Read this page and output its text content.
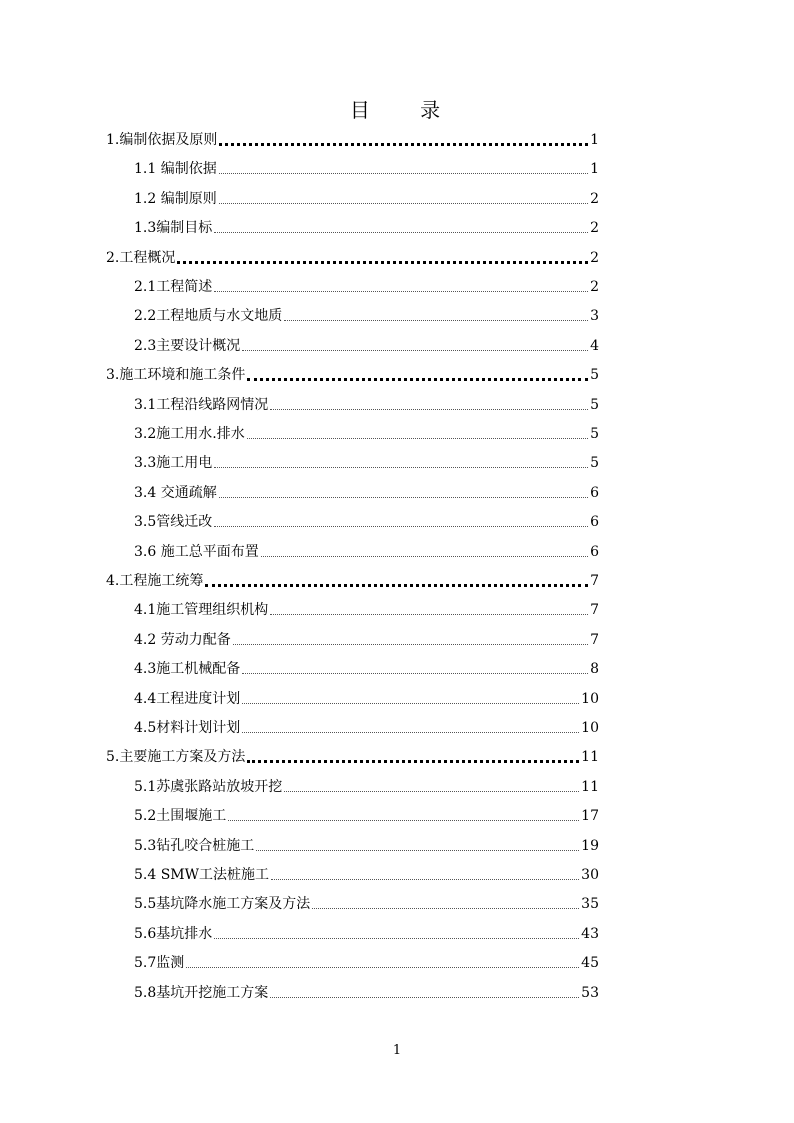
目 录
1.编制依据及原则	1
1.1 编制依据	1
1.2 编制原则	2
1.3编制目标	2
2.工程概况	2
2.1工程简述	2
2.2工程地质与水文地质	3
2.3主要设计概况	4
3.施工环境和施工条件	5
3.1工程沿线路网情况	5
3.2施工用水.排水	5
3.3施工用电	5
3.4 交通疏解	6
3.5管线迁改	6
3.6 施工总平面布置	6
4.工程施工统筹	7
4.1施工管理组织机构	7
4.2 劳动力配备	7
4.3施工机械配备	8
4.4工程进度计划	10
4.5材料计划计划	10
5.主要施工方案及方法	11
5.1苏虞张路站放坡开挖	11
5.2土围堰施工	17
5.3钻孔咬合桩施工	19
5.4 SMW工法桩施工	30
5.5基坑降水施工方案及方法	35
5.6基坑排水	43
5.7监测	45
5.8基坑开挖施工方案	53
1
